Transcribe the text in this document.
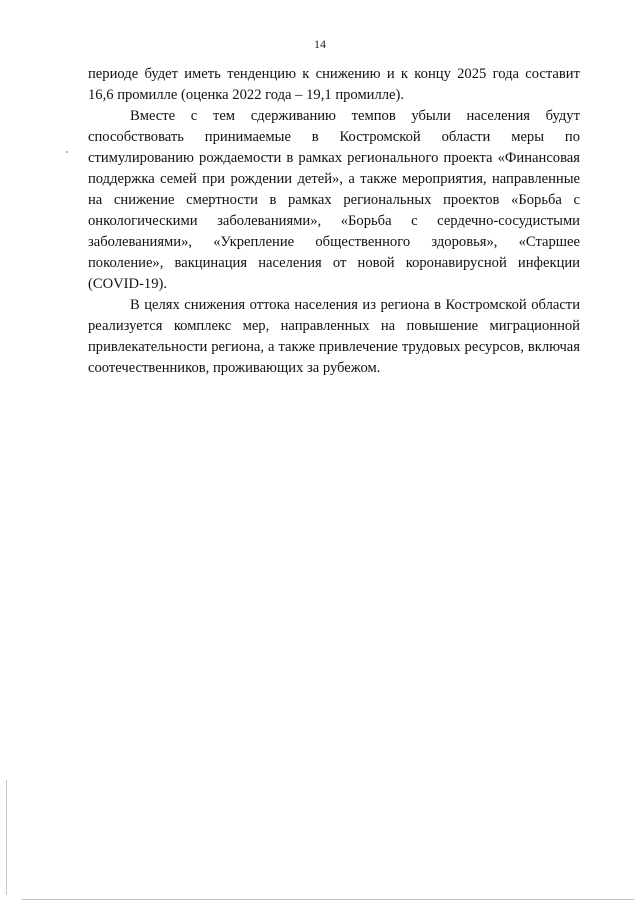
14

периоде будет иметь тенденцию к снижению и к концу 2025 года составит 16,6 промилле (оценка 2022 года – 19,1 промилле).

Вместе с тем сдерживанию темпов убыли населения будут способствовать принимаемые в Костромской области меры по стимулированию рождаемости в рамках регионального проекта «Финансовая поддержка семей при рождении детей», а также мероприятия, направленные на снижение смертности в рамках региональных проектов «Борьба с онкологическими заболеваниями», «Борьба с сердечно-сосудистыми заболеваниями», «Укрепление общественного здоровья», «Старшее поколение», вакцинация населения от новой коронавирусной инфекции (COVID-19).

В целях снижения оттока населения из региона в Костромской области реализуется комплекс мер, направленных на повышение миграционной привлекательности региона, а также привлечение трудовых ресурсов, включая соотечественников, проживающих за рубежом.
